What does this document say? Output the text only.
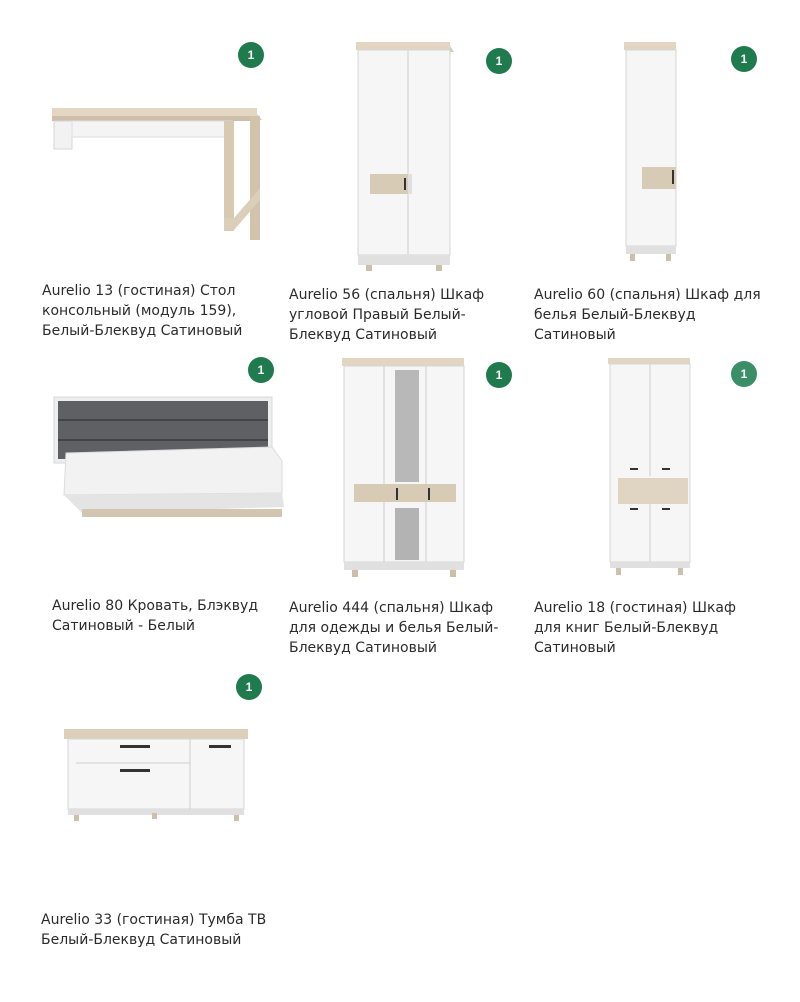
1
Aurelio 13 (гостиная) Стол консольный (модуль 159), Белый-Блеквуд Сатиновый
1
Aurelio 56 (спальня) Шкаф угловой Правый Белый-Блеквуд Сатиновый
1
Aurelio 60 (спальня) Шкаф для белья Белый-Блеквуд Сатиновый
1
Aurelio 80 Кровать, Блэквуд Сатиновый - Белый
1
Aurelio 444 (спальня) Шкаф для одежды и белья Белый-Блеквуд Сатиновый
1
Aurelio 18 (гостиная) Шкаф для книг Белый-Блеквуд Сатиновый
1
Aurelio 33 (гостиная) Тумба ТВ Белый-Блеквуд Сатиновый
